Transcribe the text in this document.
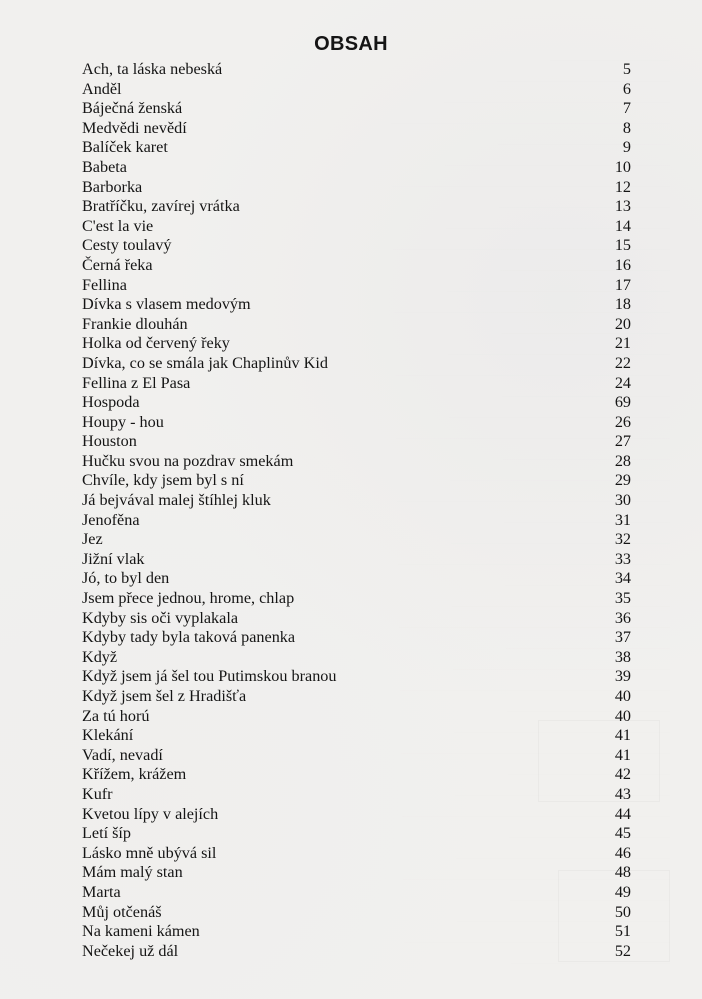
OBSAH
Ach, ta láska nebeská	5
Anděl	6
Báječná ženská	7
Medvědi nevědí	8
Balíček karet	9
Babeta	10
Barborka	12
Bratříčku, zavírej vrátka	13
C'est la vie	14
Cesty toulavý	15
Černá řeka	16
Fellina	17
Dívka s vlasem medovým	18
Frankie dlouhán	20
Holka od červený řeky	21
Dívka, co se smála jak Chaplinův Kid	22
Fellina z El Pasa	24
Hospoda	69
Houpy - hou	26
Houston	27
Hučku svou na pozdrav smekám	28
Chvíle, kdy jsem byl s ní	29
Já bejvával malej štíhlej kluk	30
Jenofěna	31
Jez	32
Jižní vlak	33
Jó, to byl den	34
Jsem přece jednou, hrome, chlap	35
Kdyby sis oči vyplakala	36
Kdyby tady byla taková panenka	37
Když	38
Když jsem já šel tou Putimskou branou	39
Když jsem šel z Hradišťa	40
Za tú horú	40
Klekání	41
Vadí, nevadí	41
Křížem, krážem	42
Kufr	43
Kvetou lípy v alejích	44
Letí šíp	45
Lásko mně ubývá sil	46
Mám malý stan	48
Marta	49
Můj otčenáš	50
Na kameni kámen	51
Nečekej už dál	52
